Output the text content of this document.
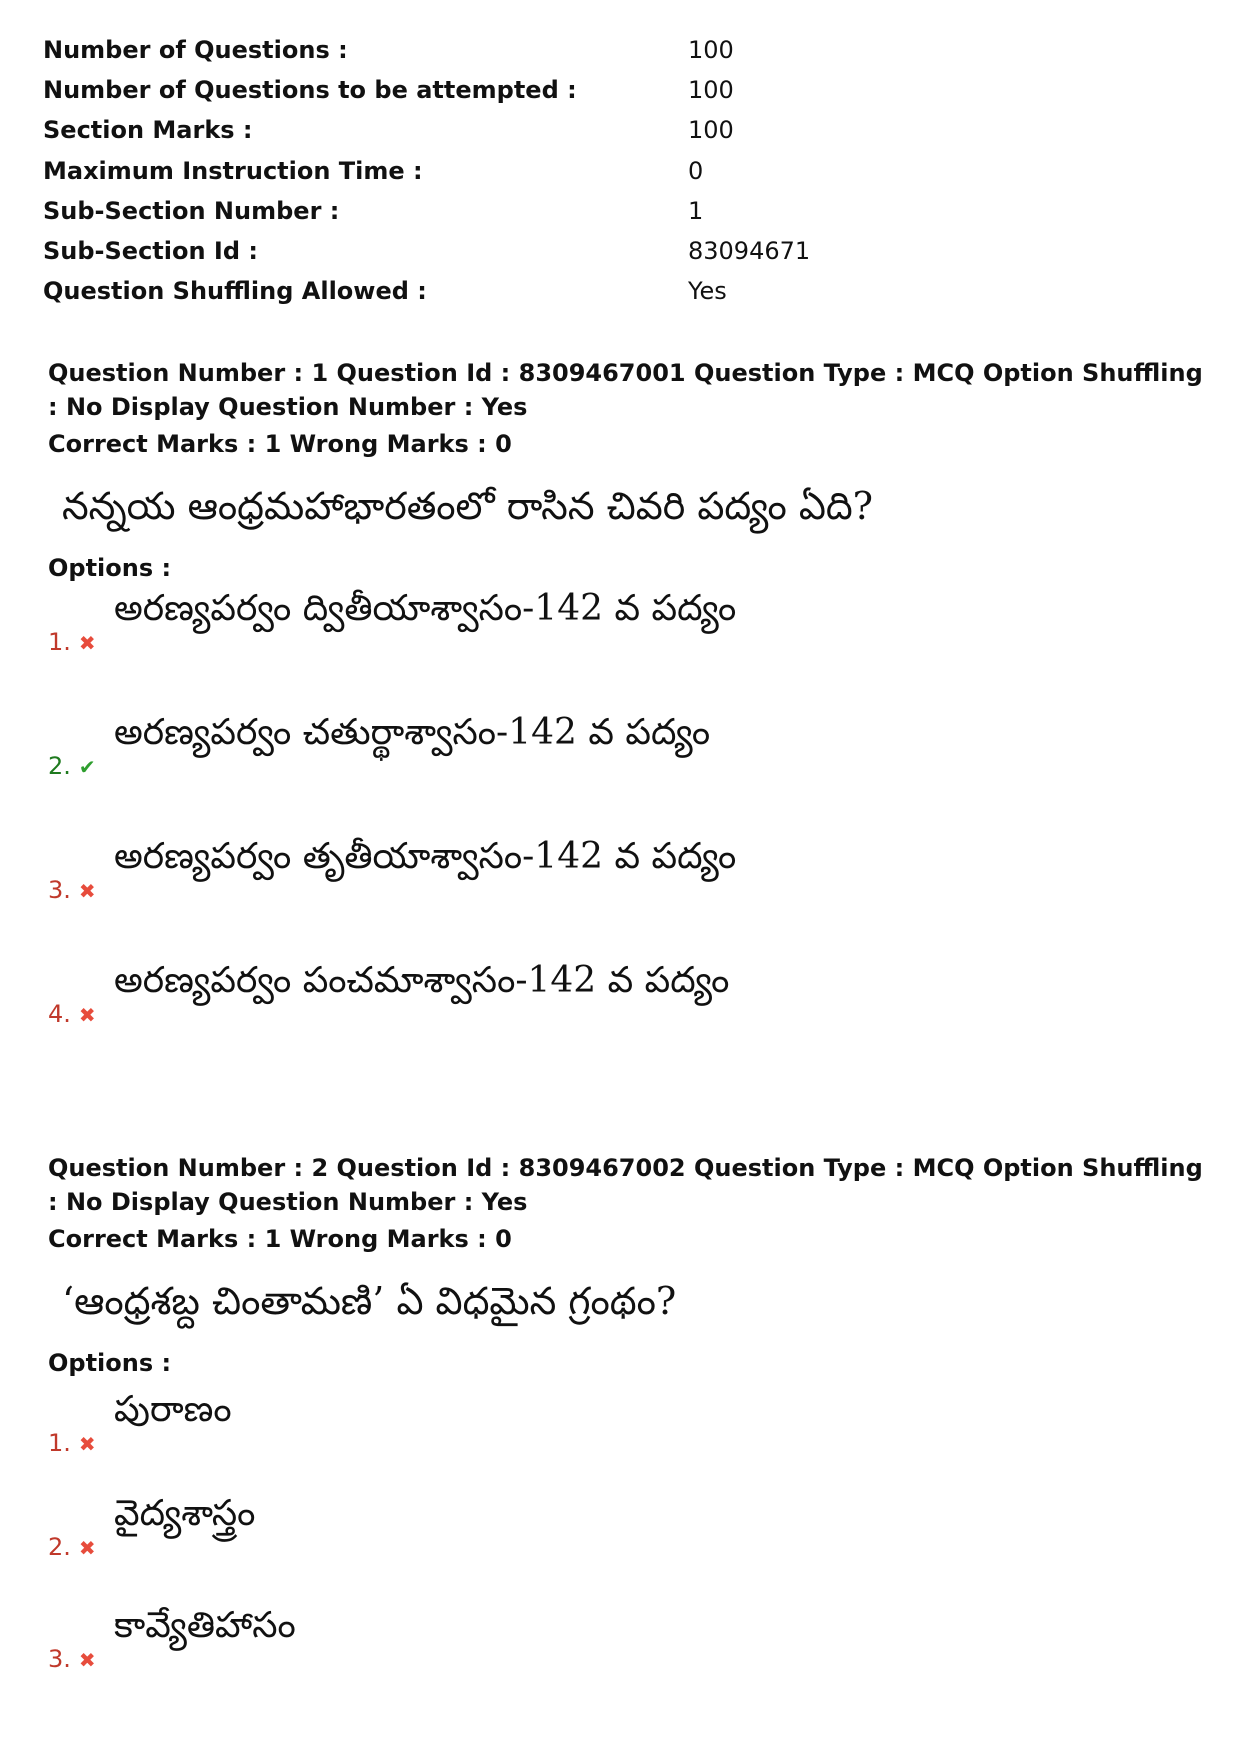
Number of Questions :	100
Number of Questions to be attempted :	100
Section Marks :	100
Maximum Instruction Time :	0
Sub-Section Number :	1
Sub-Section Id :	83094671
Question Shuffling Allowed :	Yes
Question Number : 1 Question Id : 8309467001 Question Type : MCQ Option Shuffling : No Display Question Number : Yes
Correct Marks : 1 Wrong Marks : 0
నన్నయ ఆంధ్రమహాభారతంలో రాసిన చివరి పద్యం ఏది?
Options :
అరణ్యపర్వం ద్వితీయాశ్వాసం-142 వ పద్యం
1. ✖
అరణ్యపర్వం చతుర్థాశ్వాసం-142 వ పద్యం
2. ✔
అరణ్యపర్వం తృతీయాశ్వాసం-142 వ పద్యం
3. ✖
అరణ్యపర్వం పంచమాశ్వాసం-142 వ పద్యం
4. ✖
Question Number : 2 Question Id : 8309467002 Question Type : MCQ Option Shuffling : No Display Question Number : Yes
Correct Marks : 1 Wrong Marks : 0
‘ఆంధ్రశబ్ద చింతామణి’ ఏ విధమైన గ్రంథం?
Options :
పురాణం
1. ✖
వైద్యశాస్త్రం
2. ✖
కావ్యేతిహాసం
3. ✖
